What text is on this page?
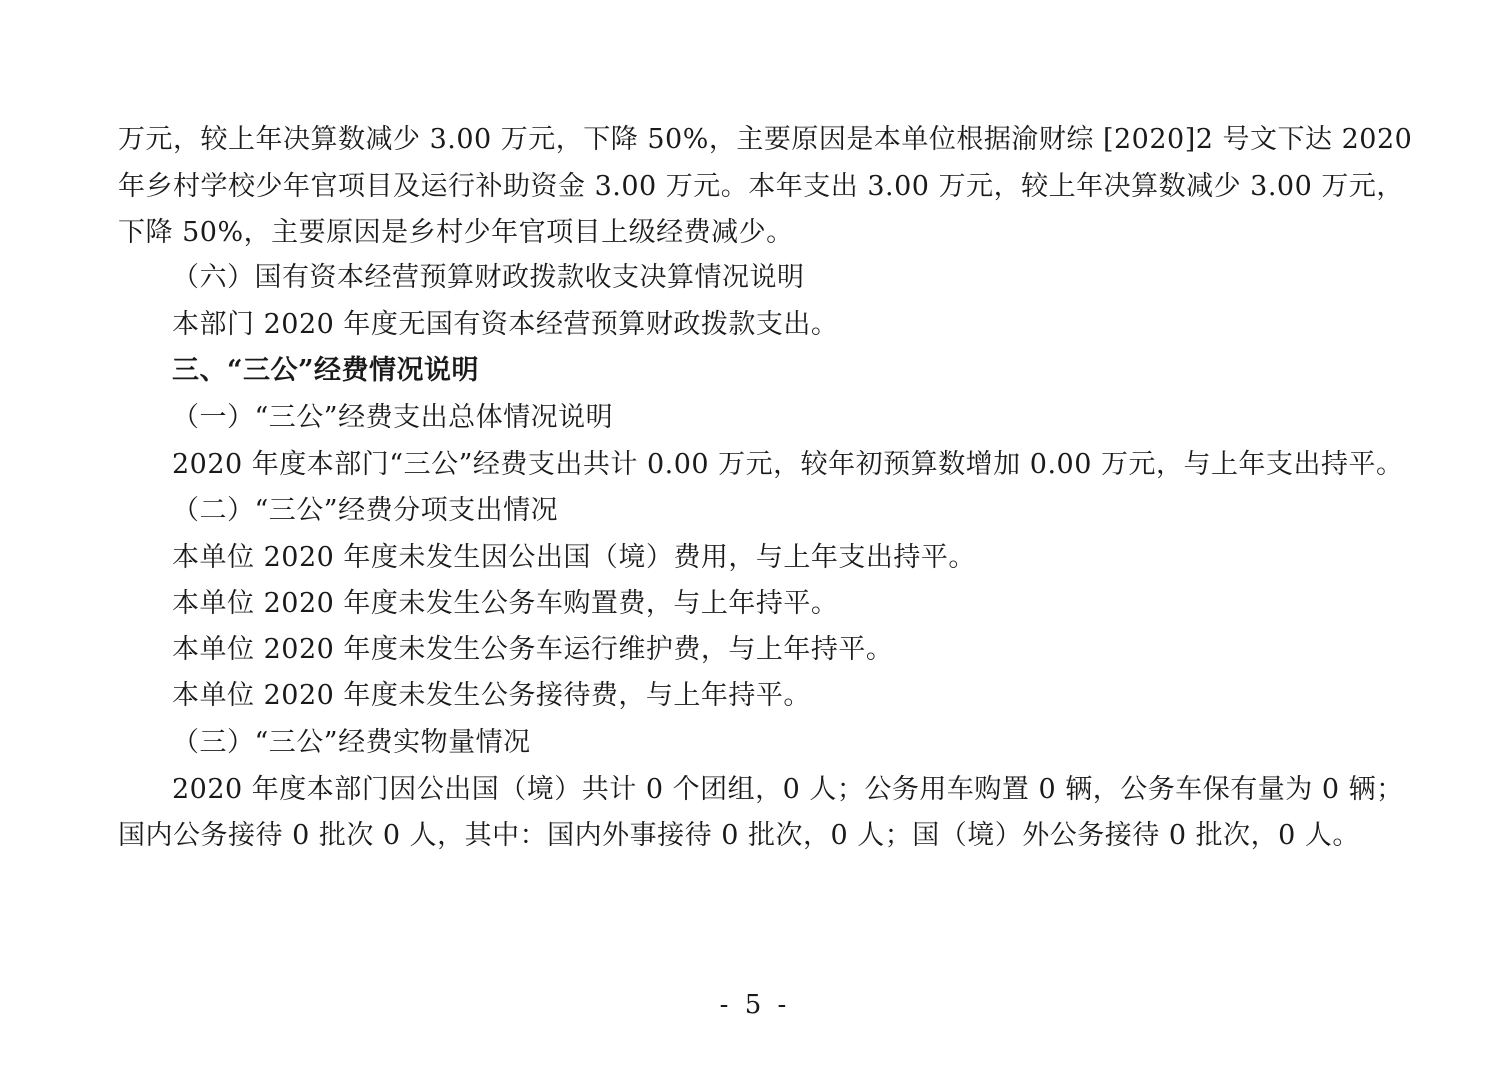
万元，较上年决算数减少 3.00 万元，下降 50%，主要原因是本单位根据渝财综 [2020]2 号文下达 2020
年乡村学校少年官项目及运行补助资金 3.00 万元。本年支出 3.00 万元，较上年决算数减少 3.00 万元，
下降 50%，主要原因是乡村少年官项目上级经费减少。
（六）国有资本经营预算财政拨款收支决算情况说明
本部门 2020 年度无国有资本经营预算财政拨款支出。
三、“三公”经费情况说明
（一）“三公”经费支出总体情况说明
2020 年度本部门“三公”经费支出共计 0.00 万元，较年初预算数增加 0.00 万元，与上年支出持平。
（二）“三公”经费分项支出情况
本单位 2020 年度未发生因公出国（境）费用，与上年支出持平。
本单位 2020 年度未发生公务车购置费，与上年持平。
本单位 2020 年度未发生公务车运行维护费，与上年持平。
本单位 2020 年度未发生公务接待费，与上年持平。
（三）“三公”经费实物量情况
2020 年度本部门因公出国（境）共计 0 个团组，0 人；公务用车购置 0 辆，公务车保有量为 0 辆；
国内公务接待 0 批次 0 人，其中：国内外事接待 0 批次，0 人；国（境）外公务接待 0 批次，0 人。
- 5 -
